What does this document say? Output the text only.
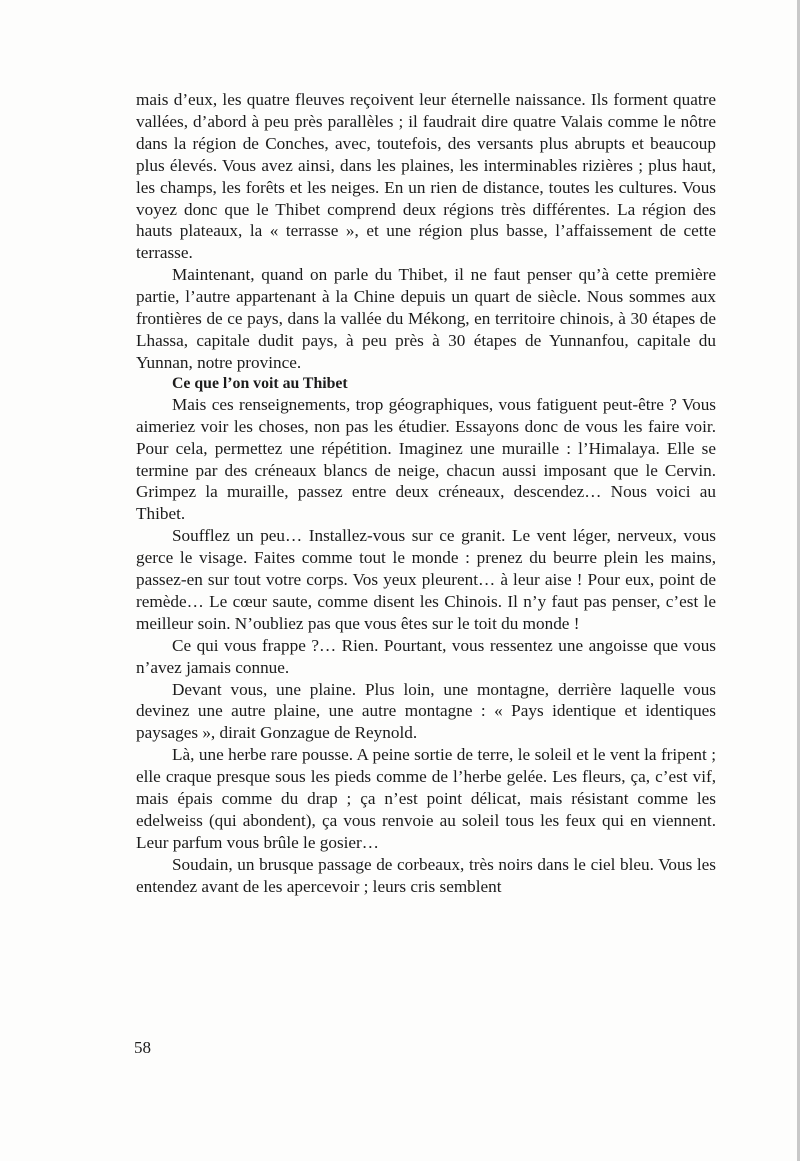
mais d’eux, les quatre fleuves reçoivent leur éternelle naissance. Ils forment quatre vallées, d’abord à peu près parallèles ; il faudrait dire quatre Valais comme le nôtre dans la région de Conches, avec, toutefois, des versants plus abrupts et beaucoup plus élevés. Vous avez ainsi, dans les plaines, les interminables rizières ; plus haut, les champs, les forêts et les neiges. En un rien de distance, toutes les cultures. Vous voyez donc que le Thibet comprend deux régions très différentes. La région des hauts plateaux, la « terrasse », et une région plus basse, l’affaissement de cette terrasse.

Maintenant, quand on parle du Thibet, il ne faut penser qu’à cette première partie, l’autre appartenant à la Chine depuis un quart de siècle. Nous sommes aux frontières de ce pays, dans la vallée du Mékong, en territoire chinois, à 30 étapes de Lhassa, capitale dudit pays, à peu près à 30 étapes de Yunnanfou, capitale du Yunnan, notre province.

Ce que l’on voit au Thibet

Mais ces renseignements, trop géographiques, vous fatiguent peut-être ? Vous aimeriez voir les choses, non pas les étudier. Essayons donc de vous les faire voir. Pour cela, permettez une répétition. Imaginez une muraille : l’Himalaya. Elle se termine par des créneaux blancs de neige, chacun aussi imposant que le Cervin. Grimpez la muraille, passez entre deux créneaux, descendez… Nous voici au Thibet.

Soufflez un peu… Installez-vous sur ce granit. Le vent léger, nerveux, vous gerce le visage. Faites comme tout le monde : prenez du beurre plein les mains, passez-en sur tout votre corps. Vos yeux pleurent… à leur aise ! Pour eux, point de remède… Le cœur saute, comme disent les Chinois. Il n’y faut pas penser, c’est le meilleur soin. N’oubliez pas que vous êtes sur le toit du monde !

Ce qui vous frappe ?… Rien. Pourtant, vous ressentez une angoisse que vous n’avez jamais connue.

Devant vous, une plaine. Plus loin, une montagne, derrière laquelle vous devinez une autre plaine, une autre montagne : « Pays identique et identiques paysages », dirait Gonzague de Reynold.

Là, une herbe rare pousse. A peine sortie de terre, le soleil et le vent la fripent ; elle craque presque sous les pieds comme de l’herbe gelée. Les fleurs, ça, c’est vif, mais épais comme du drap ; ça n’est point délicat, mais résistant comme les edelweiss (qui abondent), ça vous renvoie au soleil tous les feux qui en viennent. Leur parfum vous brûle le gosier…

Soudain, un brusque passage de corbeaux, très noirs dans le ciel bleu. Vous les entendez avant de les apercevoir ; leurs cris semblent

58
